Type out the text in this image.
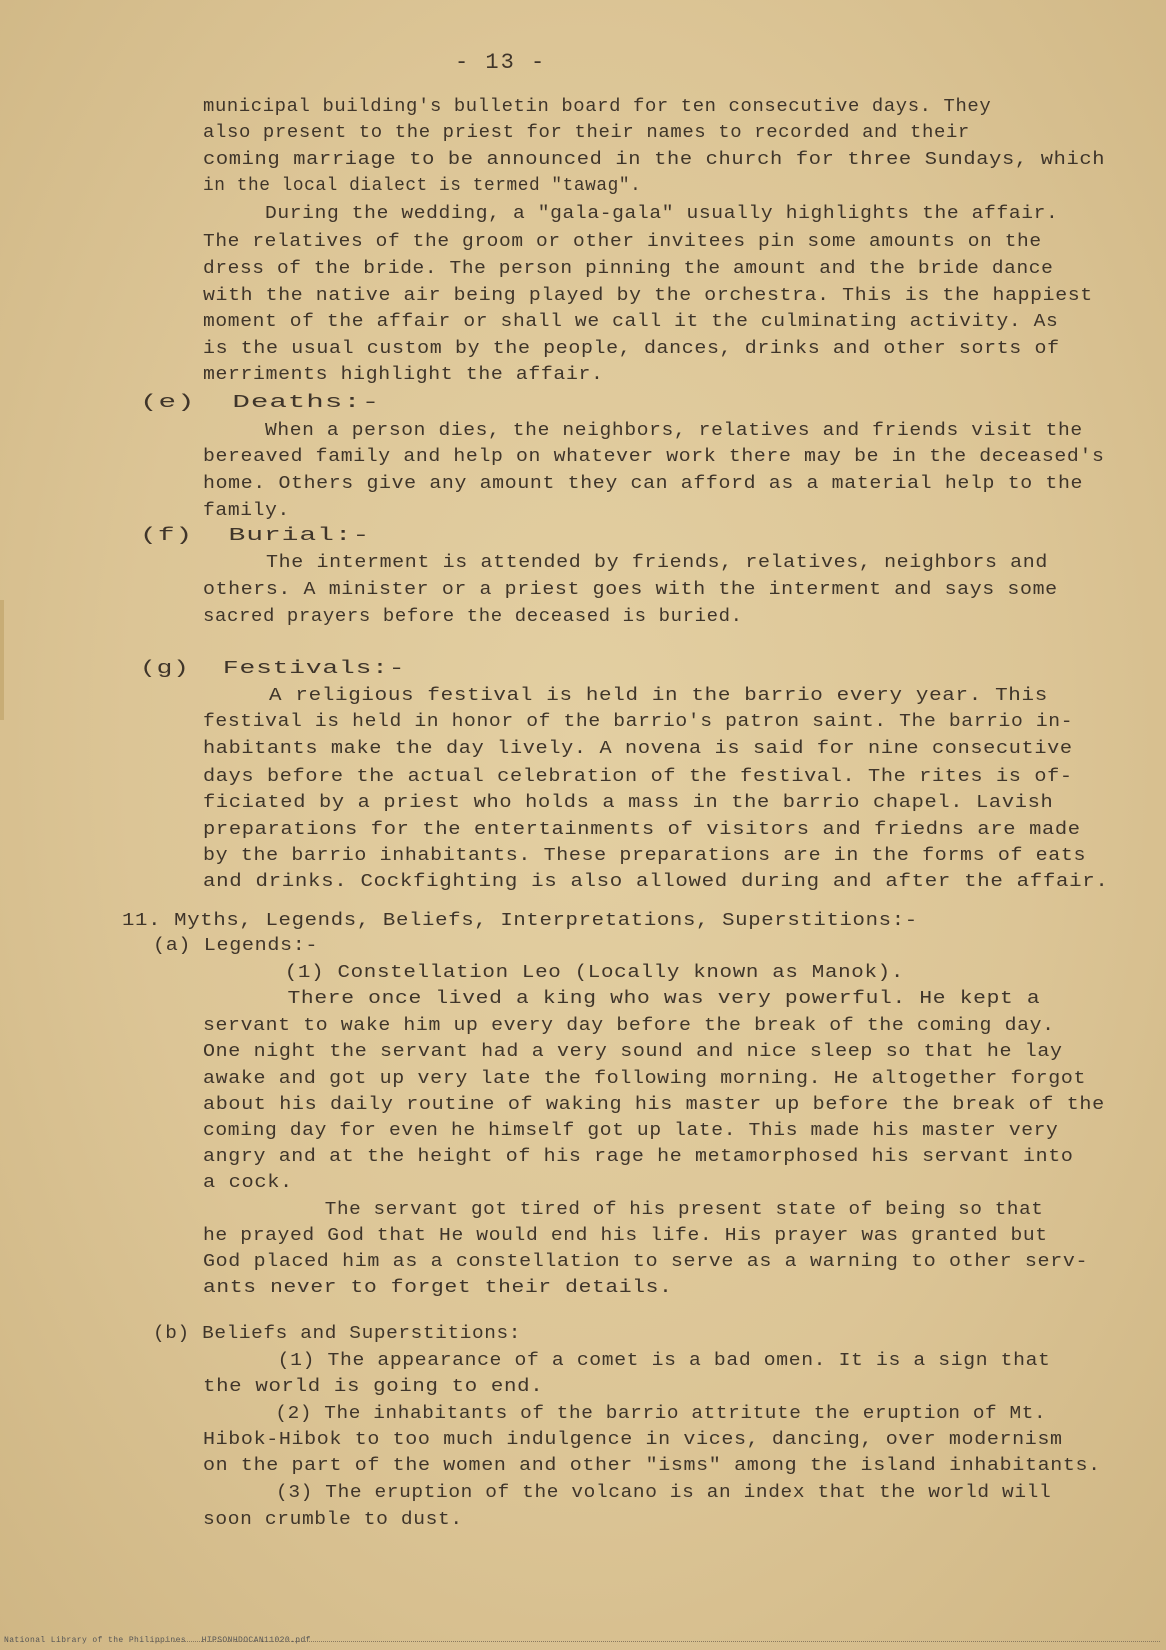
- 13 -
municipal building's bulletin board for ten consecutive days. They
also present to the priest for their names to recorded and their
coming marriage to be announced in the church for three Sundays, which
in the local dialect is termed "tawag".
During the wedding, a "gala-gala" usually highlights the affair.
The relatives of the groom or other invitees pin some amounts on the
dress of the bride. The person pinning the amount and the bride dance
with the native air being played by the orchestra. This is the happiest
moment of the affair or shall we call it the culminating activity. As
is the usual custom by the people, dances, drinks and other sorts of
merriments highlight the affair.
(e)  Deaths:-
When a person dies, the neighbors, relatives and friends visit the
bereaved family and help on whatever work there may be in the deceased's
home. Others give any amount they can afford as a material help to the
family.
(f)  Burial:-
The interment is attended by friends, relatives, neighbors and
others. A minister or a priest goes with the interment and says some
sacred prayers before the deceased is buried.
(g)  Festivals:-
A religious festival is held in the barrio every year. This
festival is held in honor of the barrio's patron saint. The barrio in-
habitants make the day lively. A novena is said for nine consecutive
days before the actual celebration of the festival. The rites is of-
ficiated by a priest who holds a mass in the barrio chapel. Lavish
preparations for the entertainments of visitors and friedns are made
by the barrio inhabitants. These preparations are in the forms of eats
and drinks. Cockfighting is also allowed during and after the affair.
11. Myths, Legends, Beliefs, Interpretations, Superstitions:-
(a) Legends:-
(1) Constellation Leo (Locally known as Manok).
There once lived a king who was very powerful. He kept a
servant to wake him up every day before the break of the coming day.
One night the servant had a very sound and nice sleep so that he lay
awake and got up very late the following morning. He altogether forgot
about his daily routine of waking his master up before the break of the
coming day for even he himself got up late. This made his master very
angry and at the height of his rage he metamorphosed his servant into
a cock.
The servant got tired of his present state of being so that
he prayed God that He would end his life. His prayer was granted but
God placed him as a constellation to serve as a warning to other serv-
ants never to forget their details.
(b) Beliefs and Superstitions:
(1) The appearance of a comet is a bad omen. It is a sign that
the world is going to end.
(2) The inhabitants of the barrio attritute the eruption of Mt.
Hibok-Hibok to too much indulgence in vices, dancing, over modernism
on the part of the women and other "isms" among the island inhabitants.
(3) The eruption of the volcano is an index that the world will
soon crumble to dust.
National Library of the Philippines   HIPSONHDOCAN11020.pdf
